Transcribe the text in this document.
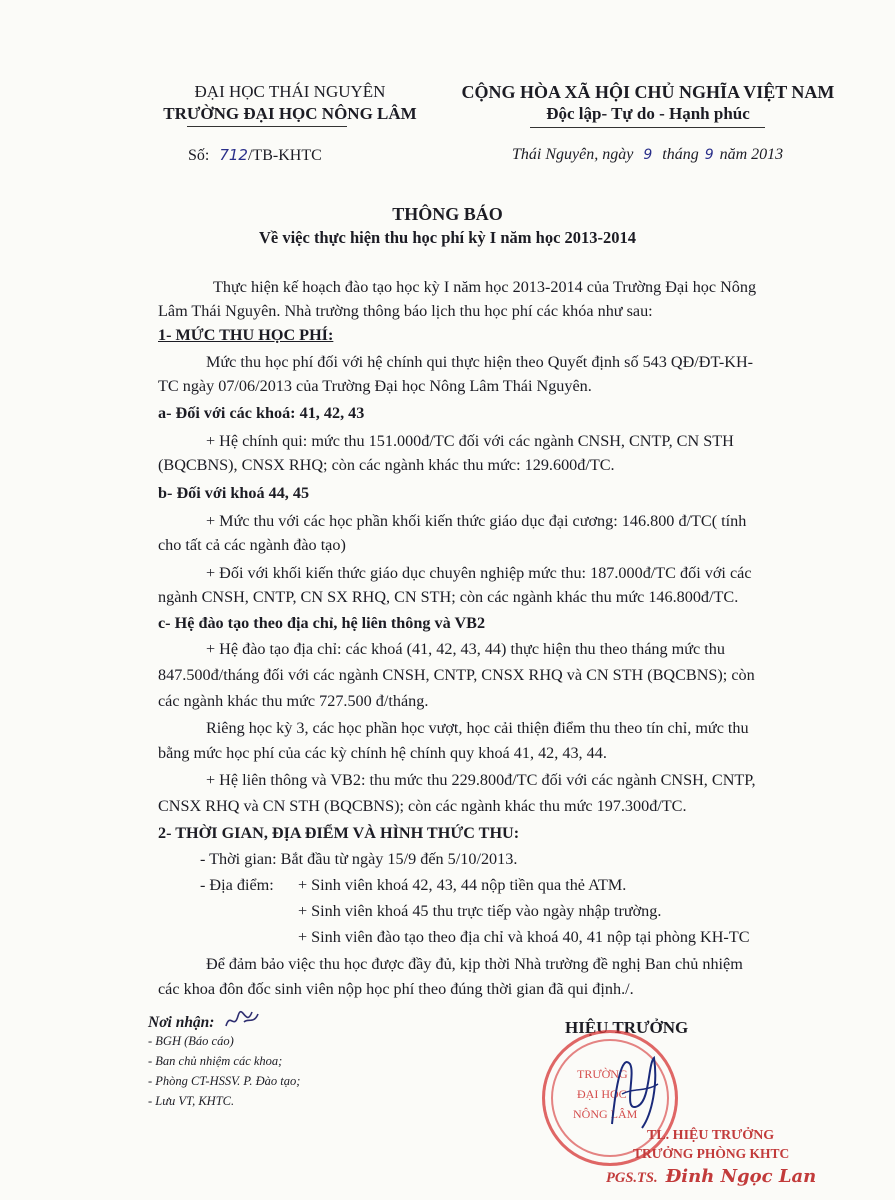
ĐẠI HỌC THÁI NGUYÊN
TRƯỜNG ĐẠI HỌC NÔNG LÂM
CỘNG HÒA XÃ HỘI CHỦ NGHĨA VIỆT NAM
Độc lập- Tự do - Hạnh phúc
Số: 712/TB-KHTC	Thái Nguyên, ngày 9 tháng 9 năm 2013
THÔNG BÁO
Về việc thực hiện thu học phí kỳ I năm học 2013-2014
Thực hiện kế hoạch đào tạo học kỳ I năm học 2013-2014 của Trường Đại học Nông
Lâm Thái Nguyên. Nhà trường thông báo lịch thu học phí các khóa như sau:
1- MỨC THU HỌC PHÍ:
Mức thu học phí đối với hệ chính qui thực hiện theo Quyết định số 543 QĐ/ĐT-KH-
TC ngày 07/06/2013 của Trường Đại học Nông Lâm Thái Nguyên.
a- Đối với các khoá: 41, 42, 43
+ Hệ chính qui: mức thu 151.000đ/TC đối với các ngành CNSH, CNTP, CN STH
(BQCBNS), CNSX RHQ; còn các ngành khác thu mức: 129.600đ/TC.
b- Đối với khoá 44, 45
+ Mức thu với các học phần khối kiến thức giáo dục đại cương: 146.800 đ/TC( tính
cho tất cả các ngành đào tạo)
+ Đối với khối kiến thức giáo dục chuyên nghiệp mức thu: 187.000đ/TC đối với các
ngành CNSH, CNTP, CN SX RHQ, CN STH; còn các ngành khác thu mức 146.800đ/TC.
c- Hệ đào tạo theo địa chỉ, hệ liên thông và VB2
+ Hệ đào tạo địa chỉ: các khoá (41, 42, 43, 44) thực hiện thu theo tháng mức thu
847.500đ/tháng đối với các ngành CNSH, CNTP, CNSX RHQ và CN STH (BQCBNS); còn
các ngành khác thu mức 727.500 đ/tháng.
Riêng học kỳ 3, các học phần học vượt, học cải thiện điểm thu theo tín chỉ, mức thu
bằng mức học phí của các kỳ chính hệ chính quy khoá 41, 42, 43, 44.
+ Hệ liên thông và VB2: thu mức thu 229.800đ/TC đối với các ngành CNSH, CNTP,
CNSX RHQ và CN STH (BQCBNS); còn các ngành khác thu mức 197.300đ/TC.
2- THỜI GIAN, ĐỊA ĐIỂM VÀ HÌNH THỨC THU:
- Thời gian: Bắt đầu từ ngày 15/9 đến 5/10/2013.
- Địa điểm: + Sinh viên khoá 42, 43, 44 nộp tiền qua thẻ ATM.
+ Sinh viên khoá 45 thu trực tiếp vào ngày nhập trường.
+ Sinh viên đào tạo theo địa chỉ và khoá 40, 41 nộp tại phòng KH-TC
Để đảm bảo việc thu học được đầy đủ, kịp thời Nhà trường đề nghị Ban chủ nhiệm
các khoa đôn đốc sinh viên nộp học phí theo đúng thời gian đã qui định./.
Nơi nhận:
- BGH (Báo cáo)
- Ban chủ nhiệm các khoa;
- Phòng CT-HSSV. P. Đào tạo;
- Lưu VT, KHTC.
HIỆU TRƯỞNG
TRƯỜNG
ĐẠI HỌC
NÔNG LÂM
TL. HIỆU TRƯỞNG
TRƯỞNG PHÒNG KHTC
PGS.TS. Đinh Ngọc Lan
